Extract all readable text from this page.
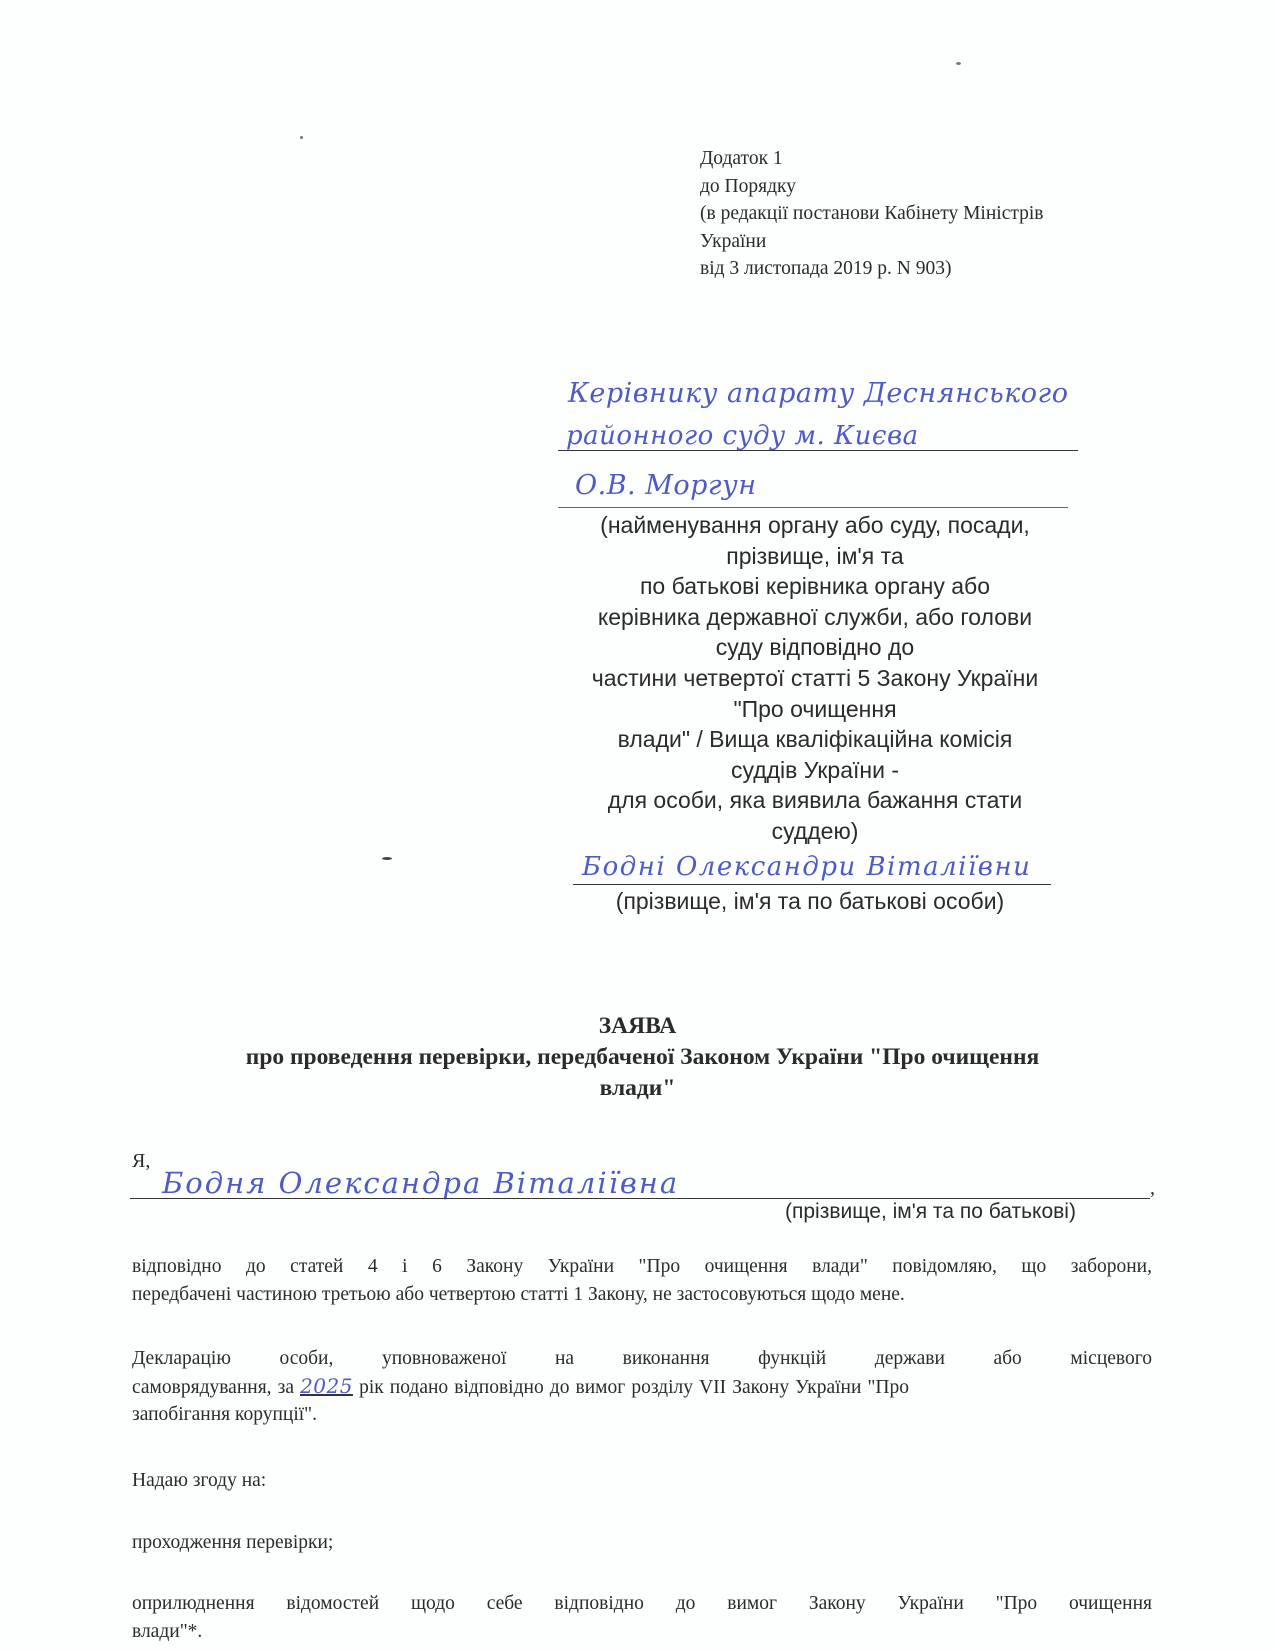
Додаток 1
до Порядку
(в редакції постанови Кабінету Міністрів
України
від 3 листопада 2019 р. N 903)
Керівнику апарату Деснянського
районного суду м. Києва
О.В. Моргун
(найменування органу або суду, посади,
прізвище, ім'я та
по батькові керівника органу або
керівника державної служби, або голови
суду відповідно до
частини четвертої статті 5 Закону України
"Про очищення
влади" / Вища кваліфікаційна комісія
суддів України -
для особи, яка виявила бажання стати
суддею)
Бодні Олександри Віталіївни
(прізвище, ім'я та по батькові особи)
ЗАЯВА
про проведення перевірки, передбаченої Законом України "Про очищення
влади"
Я,
Бодня Олександра Віталіївна	,
(прізвище, ім'я та по батькові)
відповідно до статей 4 і 6 Закону України "Про очищення влади" повідомляю, що заборони,
передбачені частиною третьою або четвертою статті 1 Закону, не застосовуються щодо мене.
Декларацію особи, уповноваженої на виконання функцій держави або місцевого
самоврядування, за 2025 рік подано відповідно до вимог розділу VII Закону України "Про
запобігання корупції".
Надаю згоду на:
проходження перевірки;
оприлюднення відомостей щодо себе відповідно до вимог Закону України "Про очищення
влади"*.
